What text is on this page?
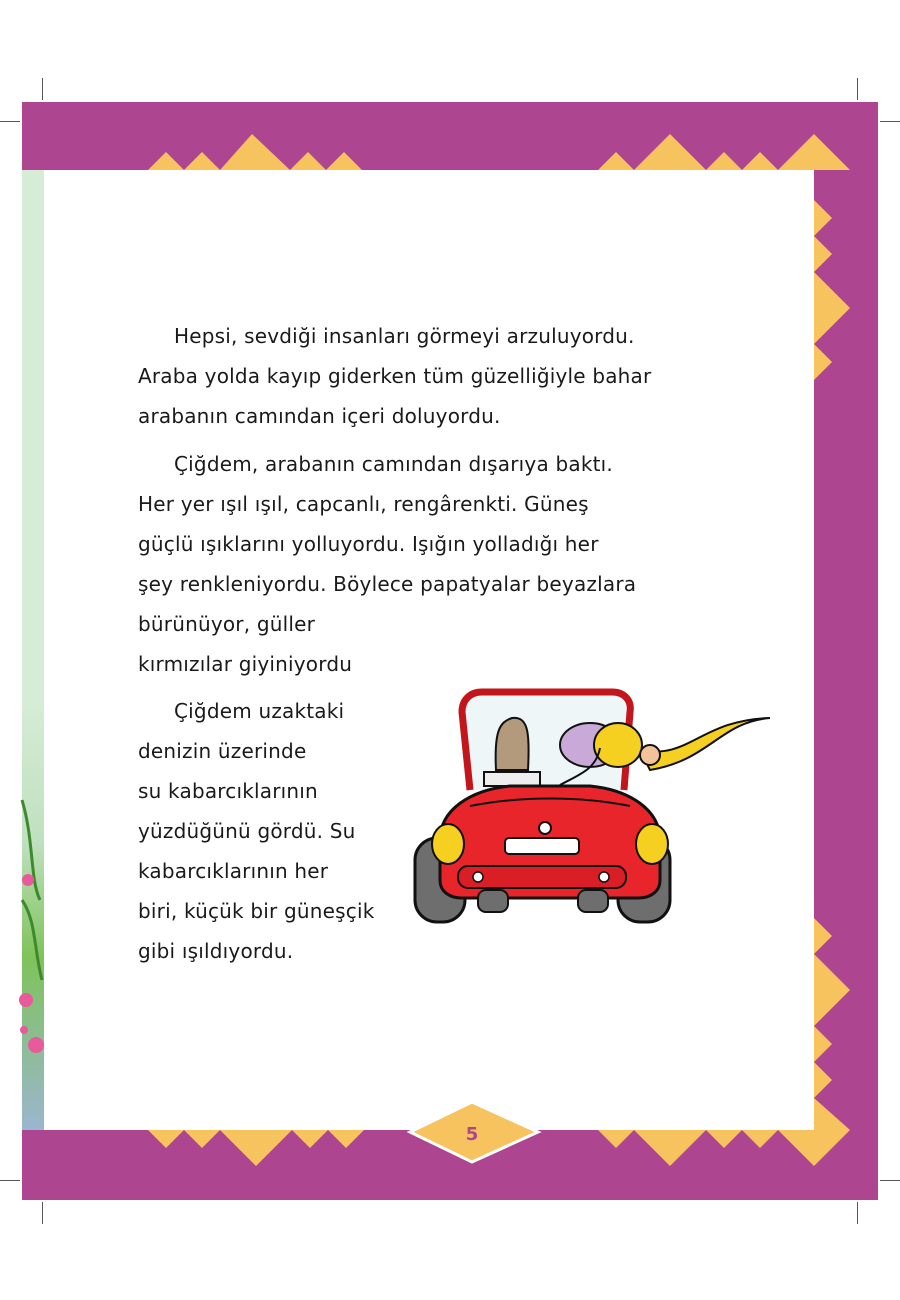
Hepsi, sevdiği insanları görmeyi arzuluyordu.
Araba yolda kayıp giderken tüm güzelliğiyle bahar
arabanın camından içeri doluyordu.
Çiğdem, arabanın camından dışarıya baktı.
Her yer ışıl ışıl, capcanlı, rengârenkti. Güneş
güçlü ışıklarını yolluyordu. Işığın yolladığı her
şey renkleniyordu. Böylece papatyalar beyazlara
bürünüyor, güller
kırmızılar giyiniyordu
Çiğdem uzaktaki
denizin üzerinde
su kabarcıklarının
yüzdüğünü gördü. Su
kabarcıklarının her
biri, küçük bir güneşçik
gibi ışıldıyordu.
5
